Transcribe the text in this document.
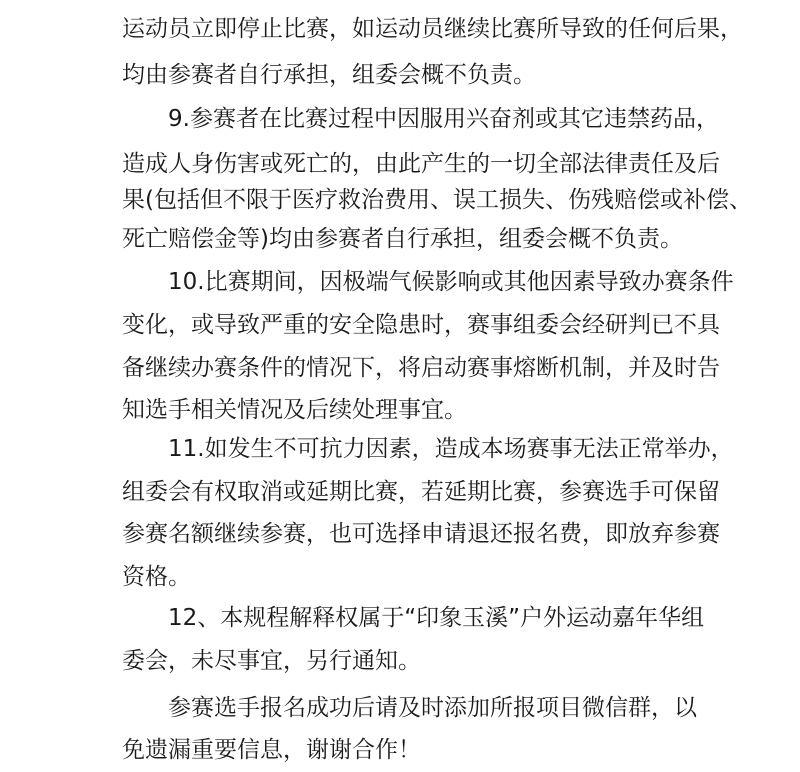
运动员立即停止比赛，如运动员继续比赛所导致的任何后果，
均由参赛者自行承担，组委会概不负责。
9.参赛者在比赛过程中因服用兴奋剂或其它违禁药品，
造成人身伤害或死亡的，由此产生的一切全部法律责任及后
果(包括但不限于医疗救治费用、误工损失、伤残赔偿或补偿、
死亡赔偿金等)均由参赛者自行承担，组委会概不负责。
10.比赛期间，因极端气候影响或其他因素导致办赛条件
变化，或导致严重的安全隐患时，赛事组委会经研判已不具
备继续办赛条件的情况下，将启动赛事熔断机制，并及时告
知选手相关情况及后续处理事宜。
11.如发生不可抗力因素，造成本场赛事无法正常举办，
组委会有权取消或延期比赛，若延期比赛，参赛选手可保留
参赛名额继续参赛，也可选择申请退还报名费，即放弃参赛
资格。
12、本规程解释权属于“印象玉溪”户外运动嘉年华组
委会，未尽事宜，另行通知。
参赛选手报名成功后请及时添加所报项目微信群，以
免遗漏重要信息，谢谢合作！
